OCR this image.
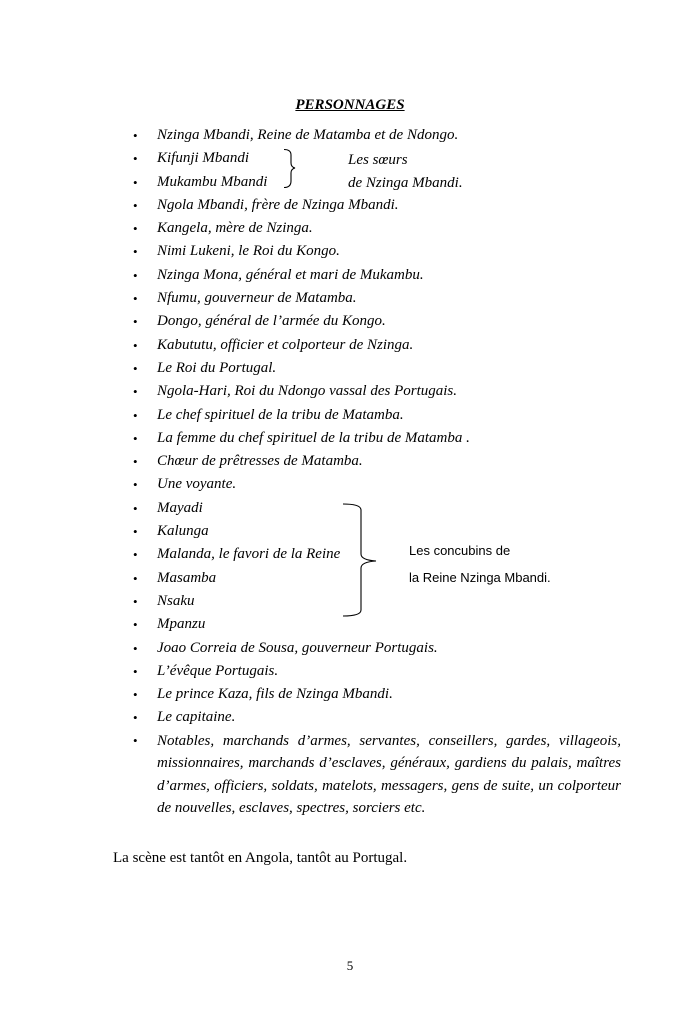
PERSONNAGES
• Nzinga Mbandi, Reine de Matamba et de Ndongo.
• Kifunji Mbandi
• Mukambu Mbandi
• Ngola Mbandi, frère de Nzinga Mbandi.
• Kangela, mère de Nzinga.
• Nimi Lukeni, le Roi du Kongo.
• Nzinga Mona, général et mari de Mukambu.
• Nfumu, gouverneur de Matamba.
• Dongo, général de l’armée du Kongo.
• Kabututu, officier et colporteur de Nzinga.
• Le Roi du Portugal.
• Ngola-Hari, Roi du Ndongo vassal des Portugais.
• Le chef spirituel de la tribu de Matamba.
• La femme du chef spirituel de la tribu de Matamba .
• Chœur de prêtresses de Matamba.
• Une voyante.
• Mayadi
• Kalunga
• Malanda, le favori de la Reine
• Masamba
• Nsaku
• Mpanzu
• Joao Correia de Sousa, gouverneur Portugais.
• L’évêque Portugais.
• Le prince Kaza, fils de Nzinga Mbandi.
• Le capitaine.
• Notables, marchands d’armes, servantes, conseillers, gardes, villageois, missionnaires, marchands d’esclaves, généraux, gardiens du palais, maîtres d’armes, officiers, soldats, matelots, messagers, gens de suite, un colporteur de nouvelles, esclaves, spectres, sorciers etc.
Les sœurs
de Nzinga Mbandi.
Les concubins de
la Reine Nzinga Mbandi.
La scène est tantôt en Angola, tantôt au Portugal.
5
